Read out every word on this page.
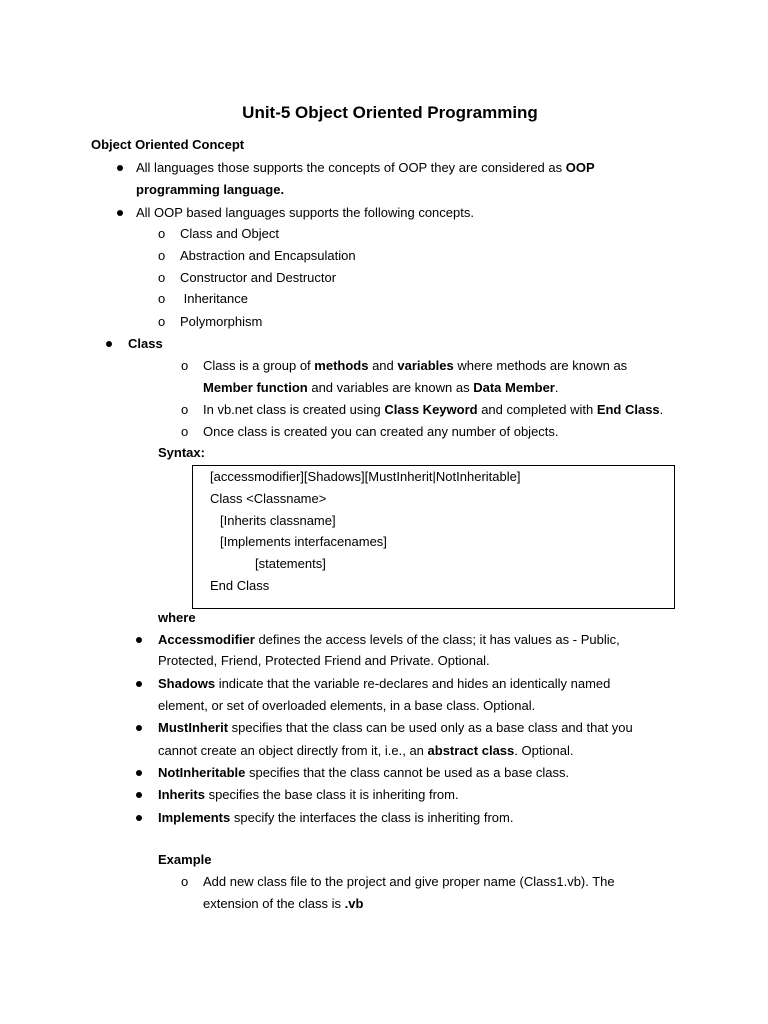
Unit-5 Object Oriented Programming
Object Oriented Concept
All languages those supports the concepts of OOP they are considered as OOP
programming language.
All OOP based languages supports the following concepts.
o Class and Object
o Abstraction and Encapsulation
o Constructor and Destructor
o Inheritance
o Polymorphism
Class
o Class is a group of methods and variables where methods are known as
Member function and variables are known as Data Member.
o In vb.net class is created using Class Keyword and completed with End Class.
o Once class is created you can created any number of objects.
Syntax:
[accessmodifier][Shadows][MustInherit|NotInheritable]
Class <Classname>
[Inherits classname]
[Implements interfacenames]
[statements]
End Class
where
Accessmodifier defines the access levels of the class; it has values as - Public,
Protected, Friend, Protected Friend and Private. Optional.
Shadows indicate that the variable re-declares and hides an identically named
element, or set of overloaded elements, in a base class. Optional.
MustInherit specifies that the class can be used only as a base class and that you
cannot create an object directly from it, i.e., an abstract class. Optional.
NotInheritable specifies that the class cannot be used as a base class.
Inherits specifies the base class it is inheriting from.
Implements specify the interfaces the class is inheriting from.
Example
o Add new class file to the project and give proper name (Class1.vb). The
extension of the class is .vb
